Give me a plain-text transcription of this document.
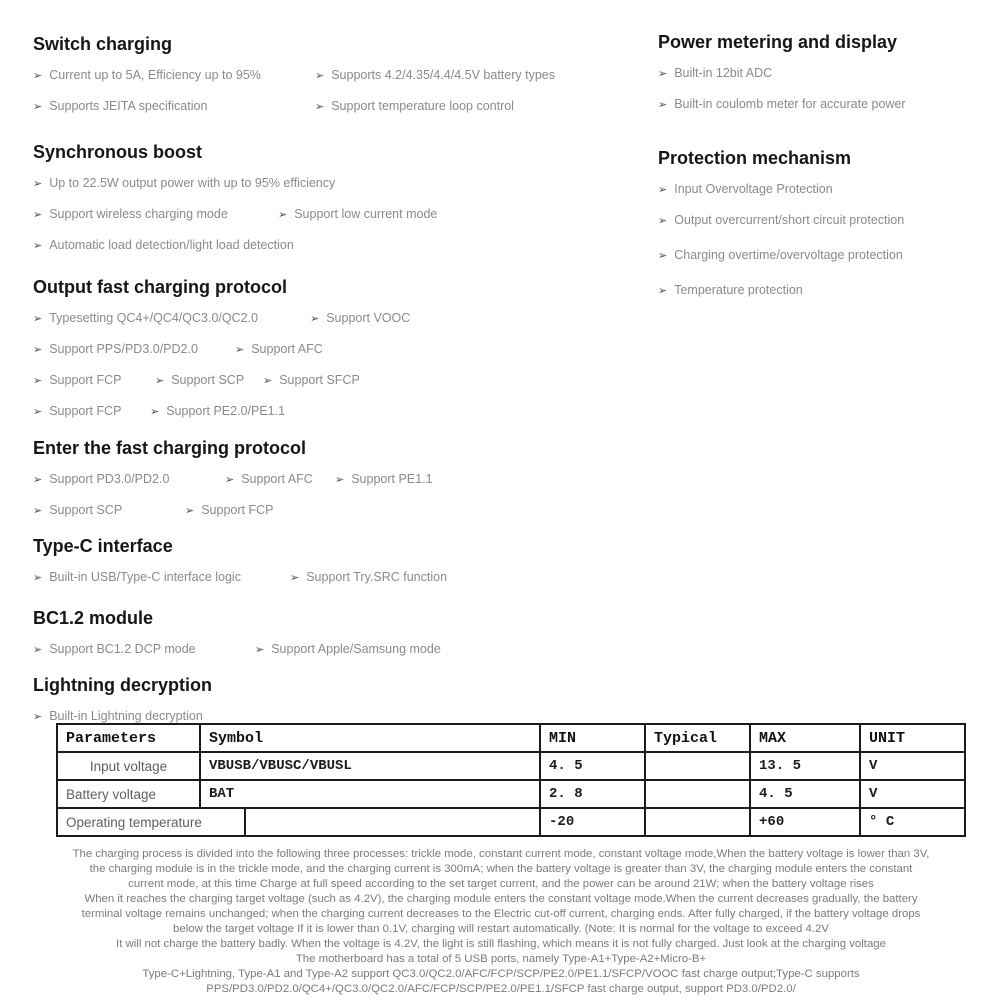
Switch charging
➢ Current up to 5A, Efficiency up to 95%	➢ Supports 4.2/4.35/4.4/4.5V battery types
➢ Supports JEITA specification	➢ Support temperature loop control
Synchronous boost
➢ Up to 22.5W output power with up to 95% efficiency
➢ Support wireless charging mode	➢ Support low current mode
➢ Automatic load detection/light load detection
Output fast charging protocol
➢ Typesetting QC4+/QC4/QC3.0/QC2.0	➢ Support VOOC
➢ Support PPS/PD3.0/PD2.0	➢ Support AFC
➢ Support FCP	➢ Support SCP ➢ Support SFCP
➢ Support FCP	➢ Support PE2.0/PE1.1
Enter the fast charging protocol
➢ Support PD3.0/PD2.0	➢ Support AFC ➢ Support PE1.1
➢ Support SCP	➢ Support FCP
Type-C interface
➢ Built-in USB/Type-C interface logic	➢ Support Try.SRC function
BC1.2 module
➢ Support BC1.2 DCP mode	➢ Support Apple/Samsung mode
Lightning decryption
➢ Built-in Lightning decryption
Power metering and display
➢ Built-in 12bit ADC
➢ Built-in coulomb meter for accurate power
Protection mechanism
➢ Input Overvoltage Protection
➢ Output overcurrent/short circuit protection
➢ Charging overtime/overvoltage protection
➢ Temperature protection
Parameters	Symbol		MIN	Typical	MAX	UNIT
Input voltage	VBUSB/VBUSC/VBUSL		4. 5		13. 5	V
Battery voltage	BAT		2. 8		4. 5	V
Operating temperature			-20		+60	° C
The charging process is divided into the following three processes: trickle mode, constant current mode, constant voltage mode,When the battery voltage is lower than 3V,
the charging module is in the trickle mode, and the charging current is 300mA; when the battery voltage is greater than 3V, the charging module enters the constant
current mode, at this time Charge at full speed according to the set target current, and the power can be around 21W; when the battery voltage rises
When it reaches the charging target voltage (such as 4.2V), the charging module enters the constant voltage mode.When the current decreases gradually, the battery
terminal voltage remains unchanged; when the charging current decreases to the Electric cut-off current, charging ends. After fully charged, if the battery voltage drops
below the target voltage If it is lower than 0.1V, charging will restart automatically. (Note: It is normal for the voltage to exceed 4.2V
It will not charge the battery badly. When the voltage is 4.2V, the light is still flashing, which means it is not fully charged. Just look at the charging voltage
The motherboard has a total of 5 USB ports, namely Type-A1+Type-A2+Micro-B+
Type-C+Lightning, Type-A1 and Type-A2 support QC3.0/QC2.0/AFC/FCP/SCP/PE2.0/PE1.1/SFCP/VOOC fast charge output;Type-C supports
PPS/PD3.0/PD2.0/QC4+/QC3.0/QC2.0/AFC/FCP/SCP/PE2.0/PE1.1/SFCP fast charge output, support PD3.0/PD2.0/
